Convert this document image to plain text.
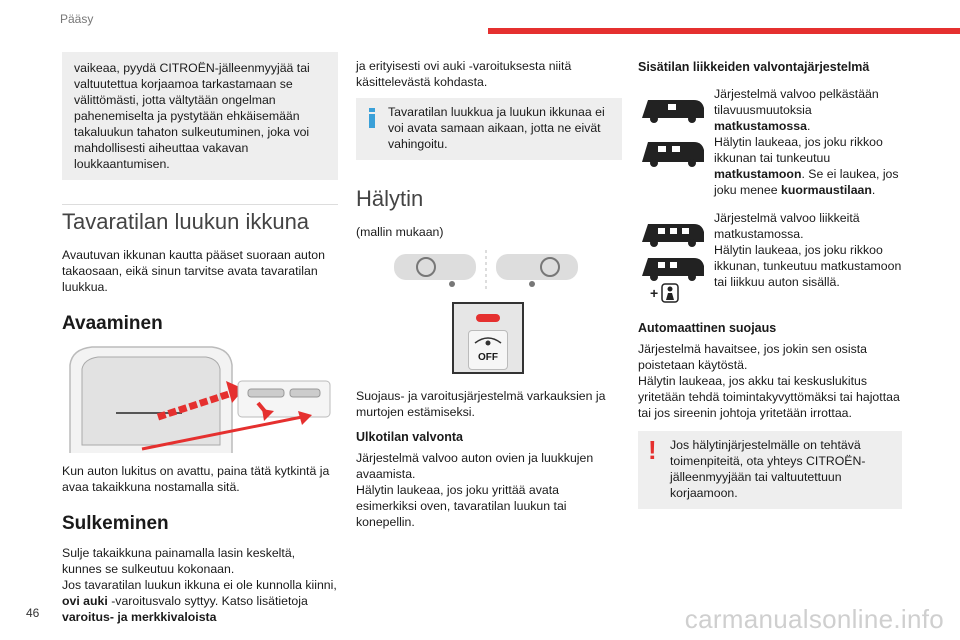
Pääsy
vaikeaa, pyydä CITROËN-jälleenmyyjää tai valtuutettua korjaamoa tarkastamaan se välittömästi, jotta vältytään ongelman pahenemiselta ja pystytään ehkäisemään takaluukun tahaton sulkeutuminen, joka voi mahdollisesti aiheuttaa vakavan loukkaantumisen.
Tavaratilan luukun ikkuna

Avautuvan ikkunan kautta pääset suoraan auton takaosaan, eikä sinun tarvitse avata tavaratilan luukkua.

Avaaminen

Kun auton lukitus on avattu, paina tätä kytkintä ja avaa takaikkuna nostamalla sitä.

Sulkeminen

Sulje takaikkuna painamalla lasin keskeltä, kunnes se sulkeutuu kokonaan.

Jos tavaratilan luukun ikkuna ei ole kunnolla kiinni, ovi auki -varoitusvalo syttyy. Katso lisätietoja varoitus- ja merkkivaloista

ja erityisesti ovi auki -varoituksesta niitä käsittelevästä kohdasta.

Tavaratilan luukkua ja luukun ikkunaa ei voi avata samaan aikaan, jotta ne eivät vahingoitu.
Hälytin

(mallin mukaan)

OFF

Suojaus- ja varoitusjärjestelmä varkauksien ja murtojen estämiseksi.

Ulkotilan valvonta

Järjestelmä valvoo auton ovien ja luukkujen avaamista.

Hälytin laukeaa, jos joku yrittää avata esimerkiksi oven, tavaratilan luukun tai konepellin.

Sisätilan liikkeiden valvontajärjestelmä
Järjestelmä valvoo pelkästään tilavuusmuutoksia matkustamossa.
Hälytin laukeaa, jos joku rikkoo ikkunan tai tunkeutuu matkustamoon. Se ei laukea, jos joku menee kuormaustilaan.
+
Järjestelmä valvoo liikkeitä matkustamossa.
Hälytin laukeaa, jos joku rikkoo ikkunan, tunkeutuu matkustamoon tai liikkuu auton sisällä.
Automaattinen suojaus

Järjestelmä havaitsee, jos jokin sen osista poistetaan käytöstä.

Hälytin laukeaa, jos akku tai keskuslukitus yritetään tehdä toimintakyvyttömäksi tai hajottaa tai jos sireenin johtoja yritetään irrottaa.

!	Jos hälytinjärjestelmälle on tehtävä toimenpiteitä, ota yhteys CITROËN-jälleenmyyjään tai valtuutettuun korjaamoon.
46	carmanualsonline.info
